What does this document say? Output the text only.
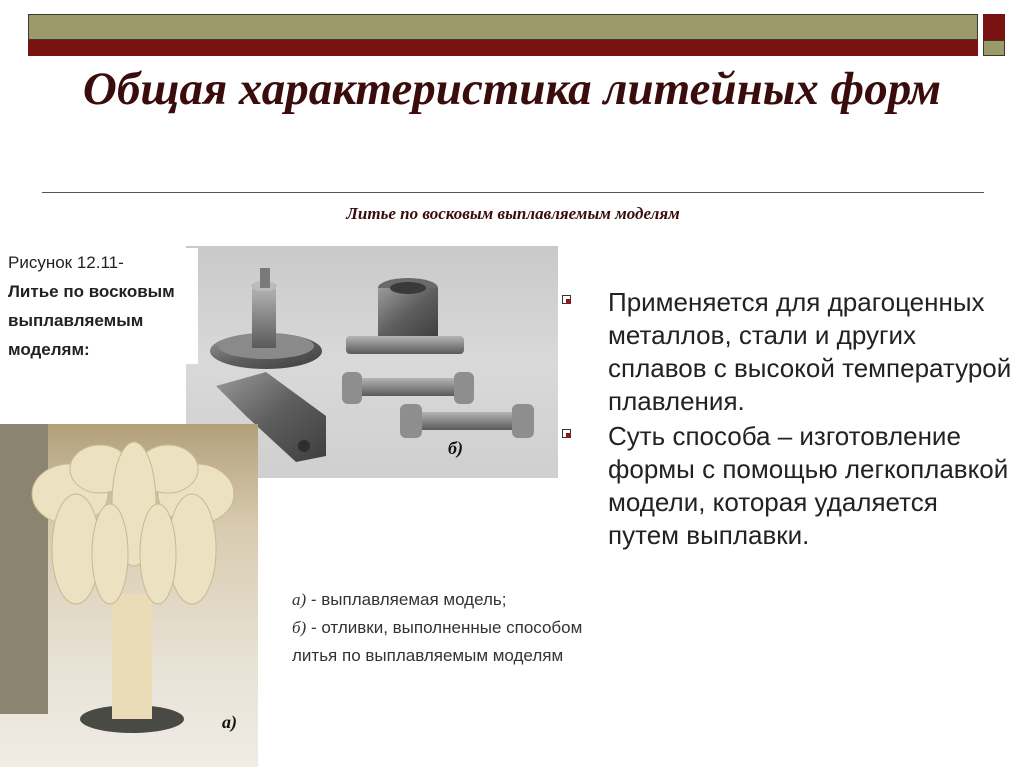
Общая характеристика литейных форм
Литье по восковым выплавляемым моделям
Рисунок 12.11-
Литье по восковым выплавляемым моделям:
б)
а)
а) - выплавляемая модель;
б) - отливки, выполненные способом литья по выплавляемым моделям
Применяется для драгоценных металлов, стали и других сплавов с высокой температурой плавления.
Суть способа – изготовление формы с помощью легкоплавкой модели, которая удаляется путем выплавки.
